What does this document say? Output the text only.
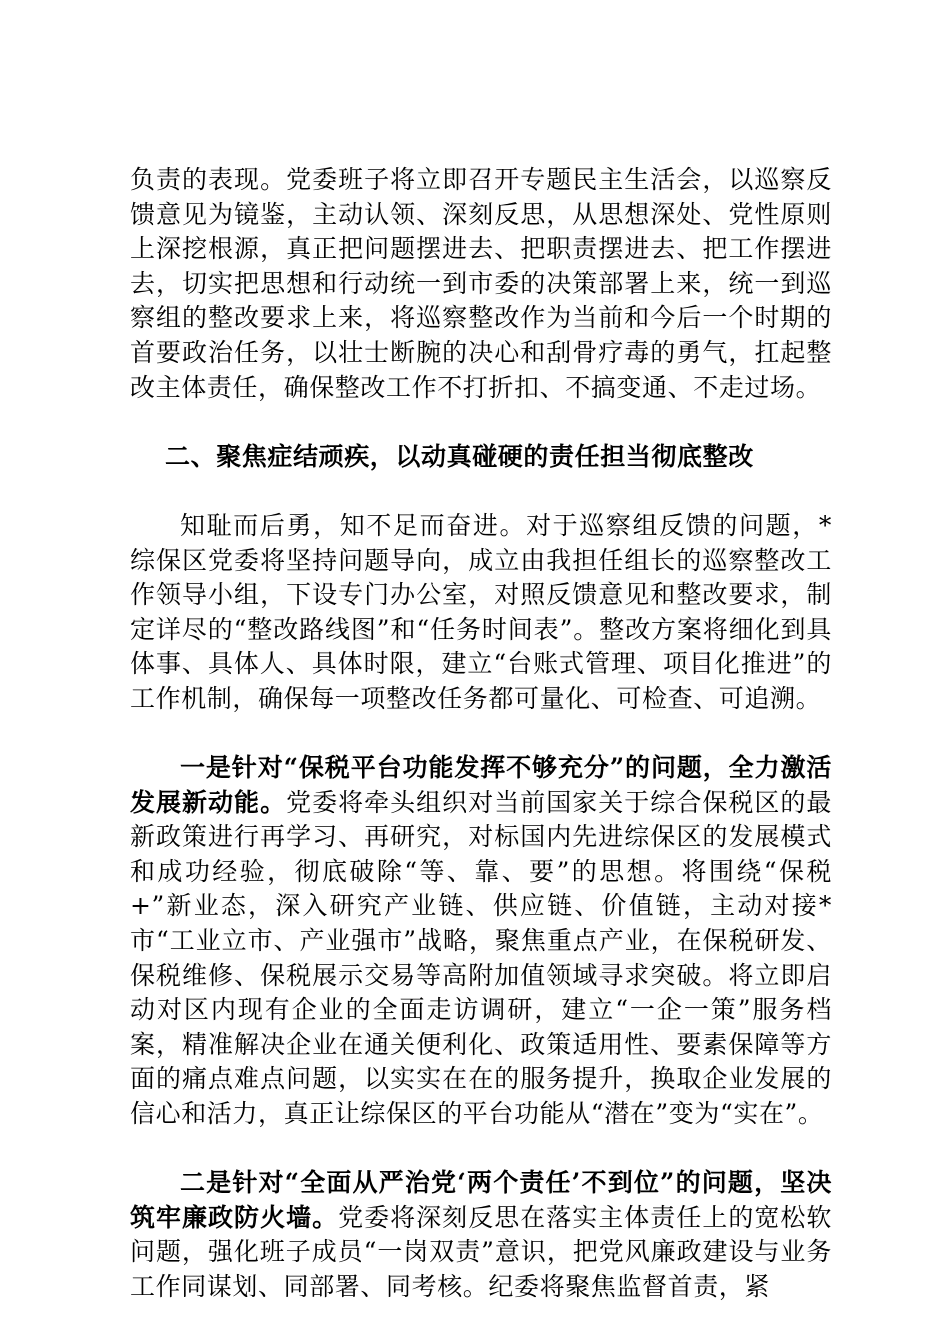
负责的表现。党委班子将立即召开专题民主生活会，以巡察反馈意见为镜鉴，主动认领、深刻反思，从思想深处、党性原则上深挖根源，真正把问题摆进去、把职责摆进去、把工作摆进去，切实把思想和行动统一到市委的决策部署上来，统一到巡察组的整改要求上来，将巡察整改作为当前和今后一个时期的首要政治任务，以壮士断腕的决心和刮骨疗毒的勇气，扛起整改主体责任，确保整改工作不打折扣、不搞变通、不走过场。

二、聚焦症结顽疾，以动真碰硬的责任担当彻底整改

知耻而后勇，知不足而奋进。对于巡察组反馈的问题，*综保区党委将坚持问题导向，成立由我担任组长的巡察整改工作领导小组，下设专门办公室，对照反馈意见和整改要求，制定详尽的“整改路线图”和“任务时间表”。整改方案将细化到具体事、具体人、具体时限，建立“台账式管理、项目化推进”的工作机制，确保每一项整改任务都可量化、可检查、可追溯。

一是针对“保税平台功能发挥不够充分”的问题，全力激活发展新动能。党委将牵头组织对当前国家关于综合保税区的最新政策进行再学习、再研究，对标国内先进综保区的发展模式和成功经验，彻底破除“等、靠、要”的思想。将围绕“保税+”新业态，深入研究产业链、供应链、价值链，主动对接*市“工业立市、产业强市”战略，聚焦重点产业，在保税研发、保税维修、保税展示交易等高附加值领域寻求突破。将立即启动对区内现有企业的全面走访调研，建立“一企一策”服务档案，精准解决企业在通关便利化、政策适用性、要素保障等方面的痛点难点问题，以实实在在的服务提升，换取企业发展的信心和活力，真正让综保区的平台功能从“潜在”变为“实在”。

二是针对“全面从严治党‘两个责任’不到位”的问题，坚决筑牢廉政防火墙。党委将深刻反思在落实主体责任上的宽松软问题，强化班子成员“一岗双责”意识，把党风廉政建设与业务工作同谋划、同部署、同考核。纪委将聚焦监督首责，紧
